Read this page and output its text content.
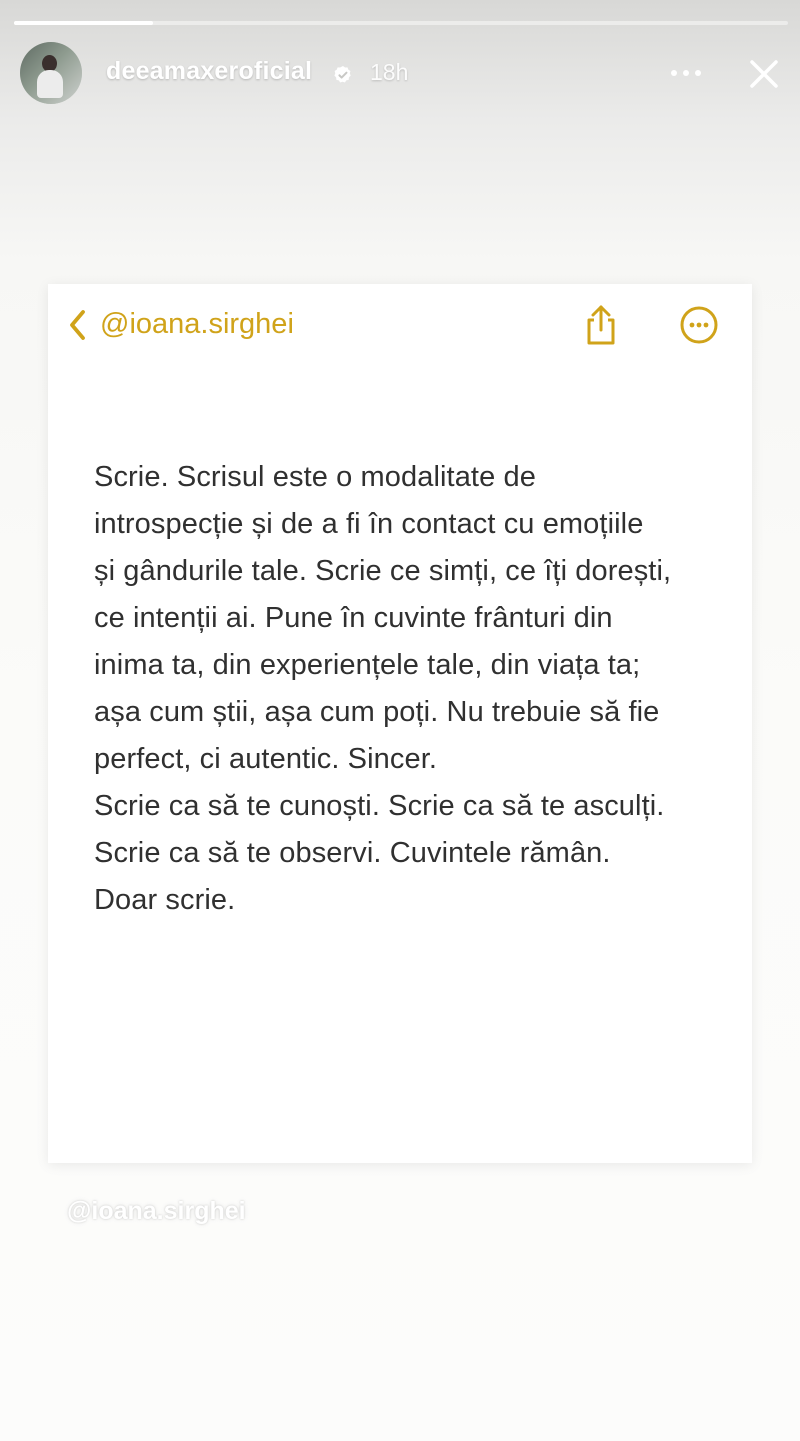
deeamaxeroficial	18h
@ioana.sirghei

Scrie. Scrisul este o modalitate de

introspecție și de a fi în contact cu emoțiile

și gândurile tale. Scrie ce simți, ce îți dorești,

ce intenții ai. Pune în cuvinte frânturi din

inima ta, din experiențele tale, din viața ta;

așa cum știi, așa cum poți. Nu trebuie să fie

perfect, ci autentic. Sincer.

Scrie ca să te cunoști. Scrie ca să te asculți.

Scrie ca să te observi. Cuvintele rămân.

Doar scrie.

@ioana.sirghei
